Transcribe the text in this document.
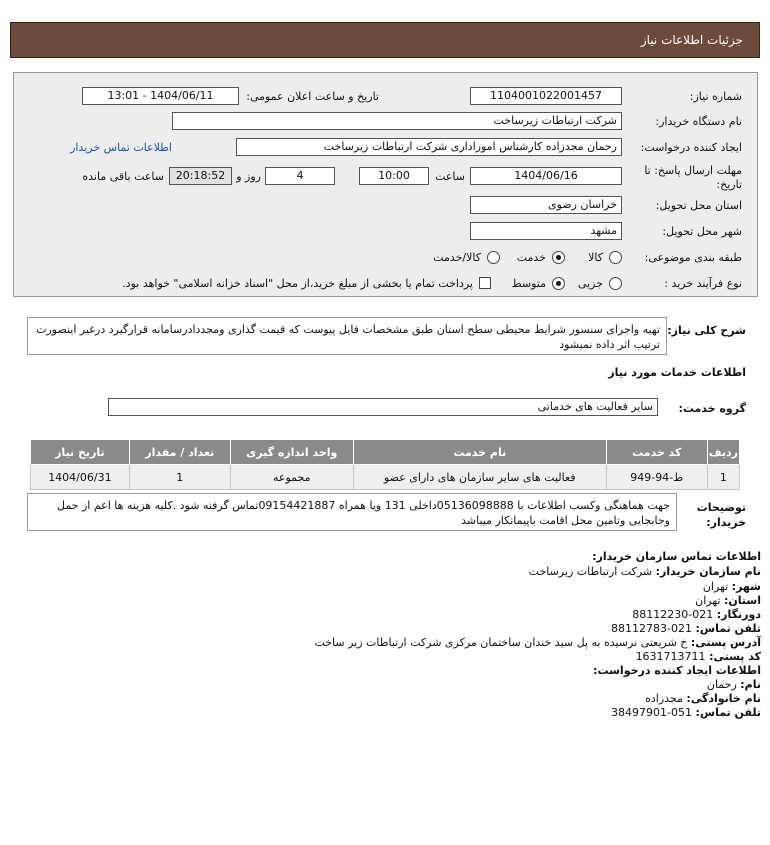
جزئیات اطلاعات نیاز
شماره نیاز:
1104001022001457
تاریخ و ساعت اعلان عمومی:
1404/06/11 - 13:01
نام دستگاه خریدار:
شرکت ارتباطات زیرساخت
ایجاد کننده درخواست:
رحمان مجدزاده کارشناس اموراداری شرکت ارتباطات زیرساخت
اطلاعات تماس خریدار
مهلت ارسال پاسخ: تا
تاریخ:
1404/06/16
ساعت
10:00
4
روز و
20:18:52
ساعت باقی مانده
استان محل تحویل:
خراسان رضوی
شهر محل تحویل:
مشهد
طبقه بندی موضوعی:
کالا
خدمت
کالا/خدمت
نوع فرآیند خرید :
جزیی
متوسط
پرداخت تمام یا بخشی از مبلغ خرید،از محل "اسناد خزانه اسلامی" خواهد بود.
شرح کلی نیاز:
تهیه واجرای سنسور شرایط محیطی سطح استان طبق مشخصات فایل پیوست که قیمت گذاری ومجددادرسامانه قرارگیرد درغیر اینصورت ترتیب اثر داده نمیشود
اطلاعات خدمات مورد نیاز
گروه خدمت:
سایر فعالیت های خدماتی
ردیف	کد خدمت	نام خدمت	واحد اندازه گیری	تعداد / مقدار	تاریخ نیاز
1	ط-94-949	فعالیت های سایر سازمان های دارای عضو	مجموعه	1	1404/06/31
توضیحات خریدار:
جهت هماهنگی وکسب اطلاعات با 05136098888داخلی 131 ویا همراه 09154421887تماس گرفته شود .کلیه هزینه ها اعم از حمل وجابجایی وتامین محل اقامت باپیمانکار میباشد
اطلاعات تماس سازمان خریدار:
نام سازمان خریدار: شرکت ارتباطات زیرساخت
شهر: تهران
استان: تهران
دورنگار: 021-88112230
تلفن تماس: 021-88112783
آدرس پستی: خ شریعتی نرسیده به پل سید خندان ساختمان مرکزی شرکت ارتباطات زیر ساخت
کد پستی: 1631713711
اطلاعات ایجاد کننده درخواست:
نام: رحمان
نام خانوادگی: مجدزاده
تلفن تماس: 051-38497901
